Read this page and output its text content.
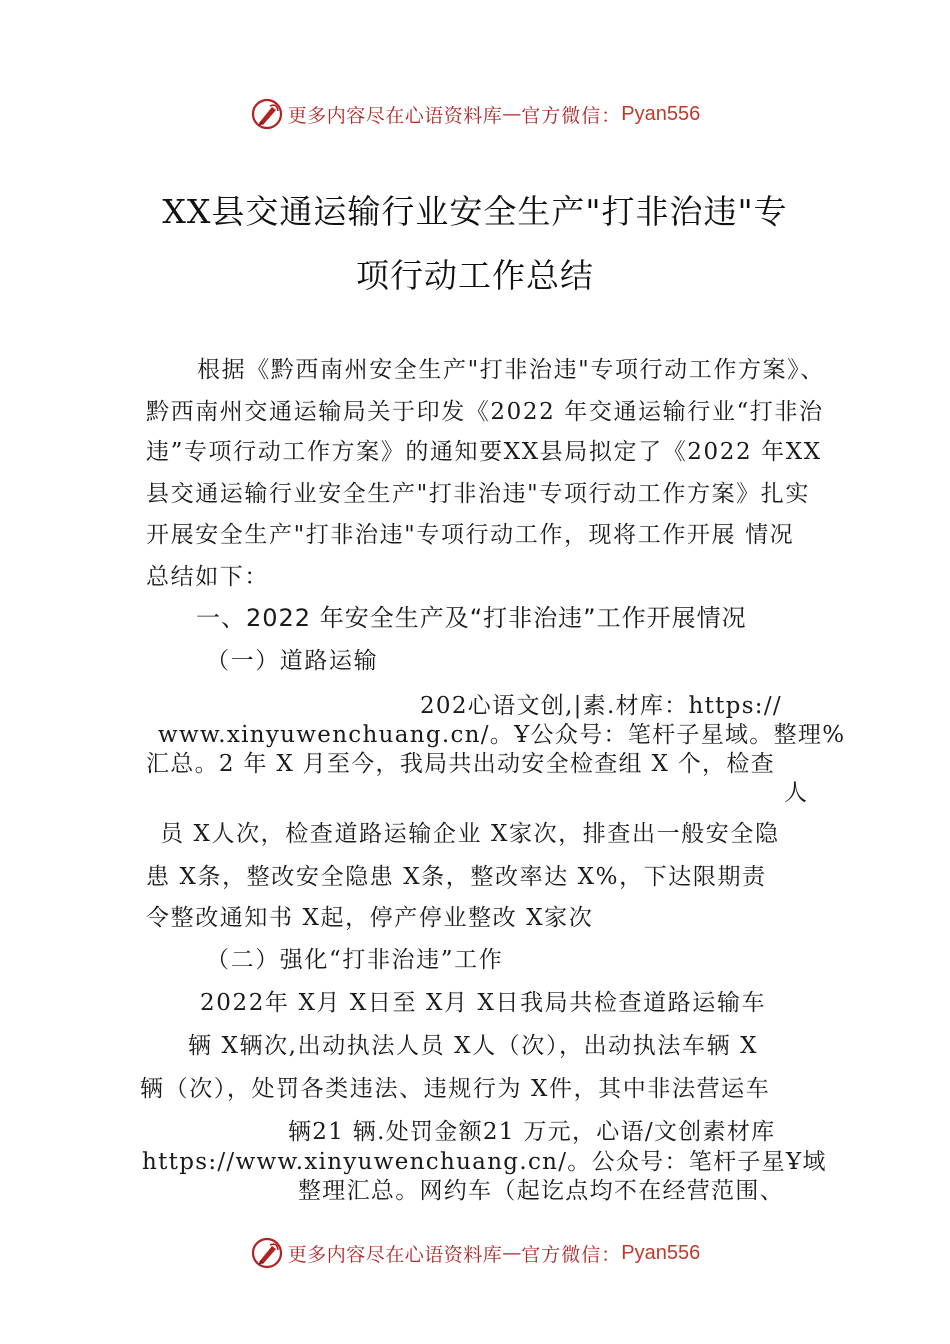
更多内容尽在心语资料库 — 官方微信： Pyan556
XX县交通运输行业安全生产"打非治违"专
项行动工作总结
根据《黔西南州安全生产"打非治违"专项行动工作方案》、
黔西南州交通运输局关于印发《2022 年交通运输行业“打非治
违”专项行动工作方案》的通知要XX县局拟定了《2022 年XX
县交通运输行业安全生产"打非治违"专项行动工作方案》扎实
开展安全生产"打非治违"专项行动工作，现将工作开展 情况
总结如下：
一、2022 年安全生产及“打非治违”工作开展情况
（一）道路运输
202心语文创,|素.材库：https://
www.xinyuwenchuang.cn/。Ұ公众号：笔杆子星域。整理%
汇总。2 年 X 月至今，我局共出动安全检查组 X 个，检查
人
员 X人次，检查道路运输企业 X家次，排查出一般安全隐
患 X条，整改安全隐患 X条，整改率达 X%，下达限期责
令整改通知书 X起，停产停业整改 X家次
（二）强化“打非治违”工作
2022年 X月 X日至 X月 X日我局共检查道路运输车
辆 X辆次,出动执法人员 X人（次），出动执法车辆 X
辆（次），处罚各类违法、违规行为 X件，其中非法营运车
辆21 辆.处罚金额21 万元，心语/文创素材库
https://www.xinyuwenchuang.cn/。公众号：笔杆子星Ұ域
整理汇总。网约车（起讫点均不在经营范围、
更多内容尽在心语资料库 — 官方微信： Pyan556
